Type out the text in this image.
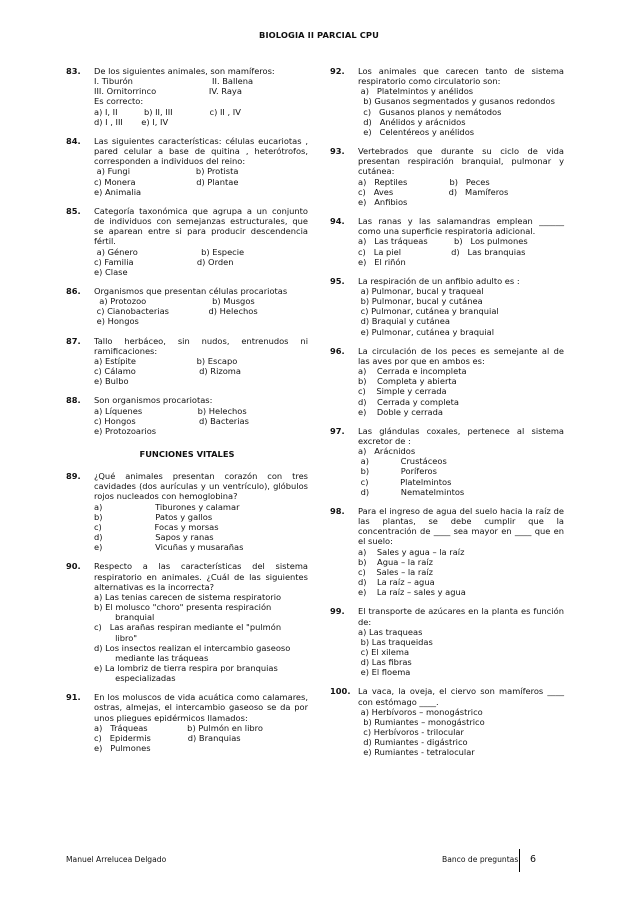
BIOLOGIA II PARCIAL CPU
83. De los siguientes animales, son mamíferos:
I. Tiburón                              II. Ballena
III. Ornitorrinco                    IV. Raya
Es correcto:
a) I, II          b) II, III              c) II , IV
d) I , III       e) I, IV
84. Las siguientes características: células eucariotas , pared celular a base de quitina , heterótrofos, corresponden a individuos del reino:
a) Fungi                         b) Protista
c) Monera                       d) Plantae
e) Animalia
85. Categoría taxonómica que agrupa a un conjunto de individuos con semejanzas estructurales, que se aparean entre si para producir descendencia fértil.
a) Género                        b) Especie
c) Familia                        d) Orden
e) Clase
86. Organismos que presentan células procariotas
a) Protozoo                         b) Musgos
c) Cianobacterias               d) Helechos
e) Hongos
87. Tallo herbáceo, sin nudos, entrenudos ni ramificaciones:
a) Estípite                       b) Escapo
c) Cálamo                        d) Rizoma
e) Bulbo
88. Son organismos procariotas:
a) Líquenes                     b) Helechos
c) Hongos                        d) Bacterias
e) Protozoarios
FUNCIONES VITALES
89. ¿Qué animales presentan corazón con tres cavidades (dos aurículas y un ventrículo), glóbulos rojos nucleados con hemoglobina?
a)                    Tiburones y calamar
b)                    Patos y gallos
c)                    Focas y morsas
d)                    Sapos y ranas
e)                    Vicuñas y musarañas
90. Respecto a las características del sistema respiratorio en animales. ¿Cuál de las siguientes alternativas es la incorrecta?
a) Las tenias carecen de sistema respiratorio
b) El molusco "choro" presenta respiración
branquial
c)   Las arañas respiran mediante el "pulmón
libro"
d) Los insectos realizan el intercambio gaseoso
mediante las tráqueas
e) La lombriz de tierra respira por branquias
especializadas
91. En los moluscos de vida acuática como calamares, ostras, almejas, el intercambio gaseoso se da por unos pliegues epidérmicos llamados:
a)   Tráqueas               b) Pulmón en libro
c)   Epidermis              d) Branquias
e)   Pulmones
92. Los animales que carecen tanto de sistema respiratorio como circulatorio son:
a)   Platelmintos y anélidos
b) Gusanos segmentados y gusanos redondos
c)   Gusanos planos y nemátodos
d)   Anélidos y arácnidos
e)   Celentéreos y anélidos
93. Vertebrados que durante su ciclo de vida presentan respiración branquial, pulmonar y cutánea:
a)   Reptiles                b)   Peces
c)   Aves                     d)   Mamíferos
e)   Anfibios
94. Las ranas y las salamandras emplean ______ como una superficie respiratoria adicional.
a)   Las tráqueas          b)   Los pulmones
c)   La piel                   d)   Las branquias
e)   El riñón
95. La respiración de un anfibio adulto es :
a) Pulmonar, bucal y traqueal
b) Pulmonar, bucal y cutánea
c) Pulmonar, cutánea y branquial
d) Braquial y cutánea
e) Pulmonar, cutánea y braquial
96. La circulación de los peces es semejante al de las aves por que en ambos es:
a)    Cerrada e incompleta
b)    Completa y abierta
c)    Simple y cerrada
d)    Cerrada y completa
e)    Doble y cerrada
97. Las glándulas coxales, pertenece al sistema excretor de :
a)   Arácnidos
a)            Crustáceos
b)            Poríferos
c)            Platelmintos
d)            Nematelmintos
98. Para el ingreso de agua del suelo hacia la raíz de las plantas, se debe cumplir que la concentración de ____ sea mayor en ____ que en el suelo:
a)    Sales y agua – la raíz
b)    Agua – la raíz
c)    Sales – la raíz
d)    La raíz – agua
e)    La raíz – sales y agua
99. El transporte de azúcares en la planta es función de:
a) Las traqueas
b) Las traqueidas
c) El xilema
d) Las fibras
e) El floema
100. La vaca, la oveja, el ciervo son mamíferos ____ con estómago ____.
a) Herbívoros – monogástrico
b) Rumiantes – monogástrico
c) Herbívoros - trilocular
d) Rumiantes - digástrico
e) Rumiantes - tetralocular
Manuel Arrelucea Delgado	Banco de preguntas 6
